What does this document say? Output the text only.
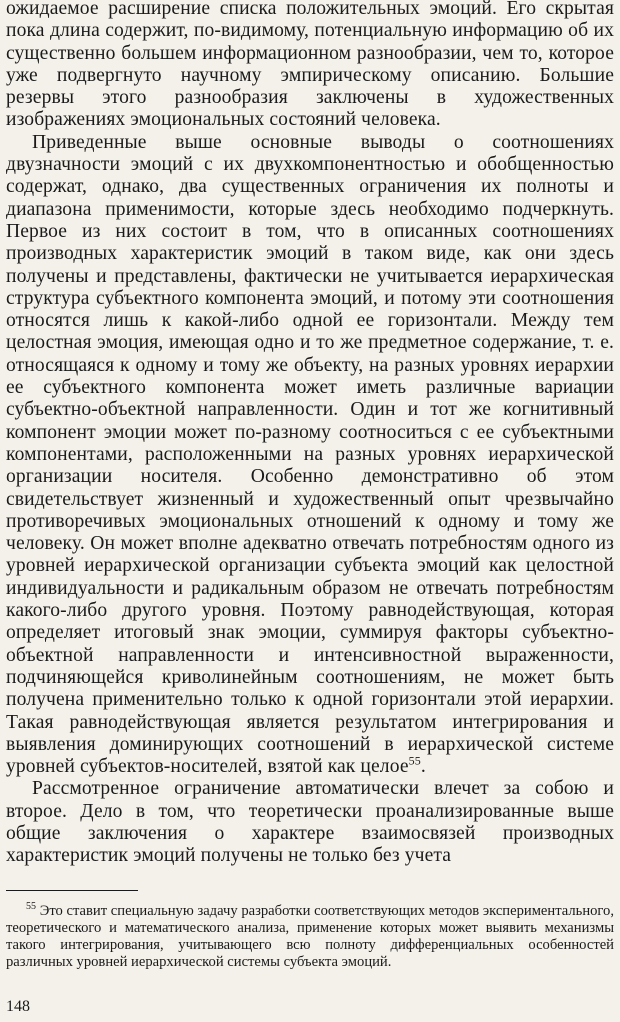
ожидаемое расширение списка положительных эмоций. Его скрытая пока длина содержит, по-видимому, потенциальную информацию об их существенно большем информационном разнообразии, чем то, которое уже подвергнуто научному эмпирическому описанию. Большие резервы этого разнообразия заключены в художественных изображениях эмоциональных состояний человека.

Приведенные выше основные выводы о соотношениях двузначности эмоций с их двухкомпонентностью и обобщенностью содержат, однако, два существенных ограничения их полноты и диапазона применимости, которые здесь необходимо подчеркнуть. Первое из них состоит в том, что в описанных соотношениях производных характеристик эмоций в таком виде, как они здесь получены и представлены, фактически не учитывается иерархическая структура субъектного компонента эмоций, и потому эти соотношения относятся лишь к какой-либо одной ее горизонтали. Между тем целостная эмоция, имеющая одно и то же предметное содержание, т. е. относящаяся к одному и тому же объекту, на разных уровнях иерархии ее субъектного компонента может иметь различные вариации субъектно-объектной направленности. Один и тот же когнитивный компонент эмоции может по-разному соотноситься с ее субъектными компонентами, расположенными на разных уровнях иерархической организации носителя. Особенно демонстративно об этом свидетельствует жизненный и художественный опыт чрезвычайно противоречивых эмоциональных отношений к одному и тому же человеку. Он может вполне адекватно отвечать потребностям одного из уровней иерархической организации субъекта эмоций как целостной индивидуальности и радикальным образом не отвечать потребностям какого-либо другого уровня. Поэтому равнодействующая, которая определяет итоговый знак эмоции, суммируя факторы субъектно-объектной направленности и интенсивностной выраженности, подчиняющейся криволинейным соотношениям, не может быть получена применительно только к одной горизонтали этой иерархии. Такая равнодействующая является результатом интегрирования и выявления доминирующих соотношений в иерархической системе уровней субъектов-носителей, взятой как целое$^{55}$.

Рассмотренное ограничение автоматически влечет за собою и второе. Дело в том, что теоретически проанализированные выше общие заключения о характере взаимосвязей производных характеристик эмоций получены не только без учета

$^{55}$ Это ставит специальную задачу разработки соответствующих методов экспериментального, теоретического и математического анализа, применение которых может выявить механизмы такого интегрирования, учитывающего всю полноту дифференциальных особенностей различных уровней иерархической системы субъекта эмоций.

148
